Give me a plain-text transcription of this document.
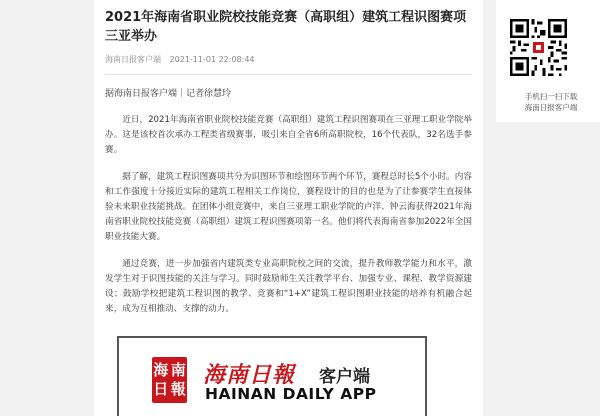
2021年海南省职业院校技能竞赛（高职组）建筑工程识图赛项三亚举办
海南日报客户端 2021-11-01 22:08:44
据海南日报客户端｜记者徐慧玲

近日，2021年海南省职业院校技能竞赛（高职组）建筑工程识图赛项在三亚理工职业学院举办。这是该校首次承办工程类省级赛事，吸引来自全省6所高职院校，16个代表队，32名选手参赛。

据了解，建筑工程识图赛项共分为识图环节和绘图环节两个环节，赛程总时长5个小时。内容和工作强度十分接近实际的建筑工程相关工作岗位，赛程设计的目的也是为了让参赛学生直接体验未来职业技能挑战。在团体小组竞赛中，来自三亚理工职业学院的卢洋、钟云海获得2021年海南省职业院校技能竞赛（高职组）建筑工程识图赛项第一名。他们将代表海南省参加2022年全国职业技能大赛。

通过竞赛，进一步加强省内建筑类专业高职院校之间的交流，提升教师教学能力和水平，激发学生对于识图技能的关注与学习。同时鼓励师生关注教学平台、加强专业、课程、教学资源建设；鼓励学校把建筑工程识图的教学、竞赛和“1+X”建筑工程识图职业技能的培养有机融合起来，成为互相推动、支撑的动力。

海 南
日 報
海南日報 客户端
HAINAN DAILY APP
手机扫一扫下载
海南日报客户端
